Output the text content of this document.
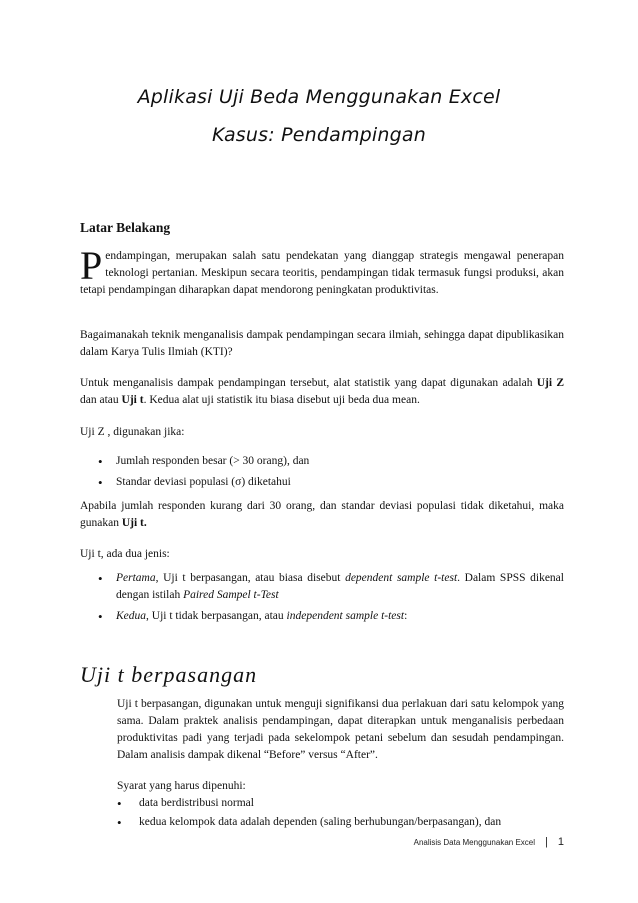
Aplikasi Uji Beda Menggunakan Excel
Kasus: Pendampingan
Latar Belakang
Pendampingan, merupakan salah satu pendekatan yang dianggap strategis mengawal penerapan teknologi pertanian. Meskipun secara teoritis, pendampingan tidak termasuk fungsi produksi, akan tetapi pendampingan diharapkan dapat mendorong peningkatan produktivitas.
Bagaimanakah teknik menganalisis dampak pendampingan secara ilmiah, sehingga dapat dipublikasikan dalam Karya Tulis Ilmiah (KTI)?
Untuk menganalisis dampak pendampingan tersebut, alat statistik yang dapat digunakan adalah Uji Z dan atau Uji t. Kedua alat uji statistik itu biasa disebut uji beda dua mean.
Uji Z , digunakan jika:
• Jumlah responden besar (> 30 orang), dan
• Standar deviasi populasi (σ) diketahui
Apabila jumlah responden kurang dari 30 orang, dan standar deviasi populasi tidak diketahui, maka gunakan Uji t.
Uji t, ada dua jenis:
• Pertama, Uji t berpasangan, atau biasa disebut dependent sample t-test. Dalam SPSS dikenal dengan istilah Paired Sampel t-Test
• Kedua, Uji t tidak berpasangan, atau independent sample t-test:
Uji t berpasangan
Uji t berpasangan, digunakan untuk menguji signifikansi dua perlakuan dari satu kelompok yang sama. Dalam praktek analisis pendampingan, dapat diterapkan untuk menganalisis perbedaan produktivitas padi yang terjadi pada sekelompok petani sebelum dan sesudah pendampingan. Dalam analisis dampak dikenal “Before” versus “After”.
Syarat yang harus dipenuhi:
• data berdistribusi normal
• kedua kelompok data adalah dependen (saling berhubungan/berpasangan), dan
Analisis Data Menggunakan Excel | 1
